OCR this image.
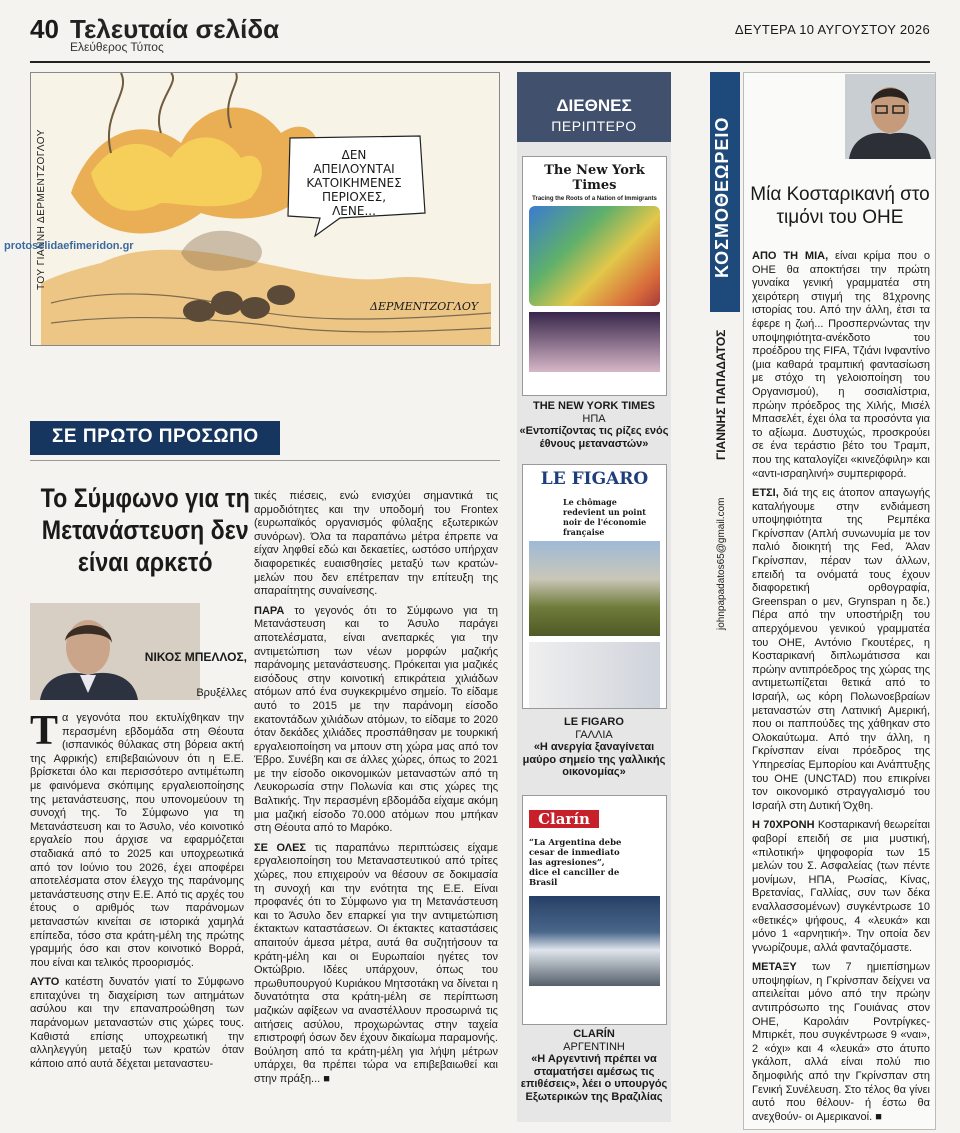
40 Τελευταία σελίδα
Ελεύθερος Τύπος
ΔΕΥΤΕΡΑ 10 ΑΥΓΟΥΣΤΟΥ 2026
ΤΟΥ ΓΙΑΝΝΗ ΔΕΡΜΕΝΤΖΟΓΛΟΥ
protoselidaefimeridon.gr
ΔΕΝ
ΑΠΕΙΛΟΥΝΤΑΙ
ΚΑΤΟΙΚΗΜΕΝΕΣ
ΠΕΡΙΟΧΕΣ,
ΛΕΝΕ...
ΔΕΡΜΕΝΤΖΟΓΛΟΥ
ΣΕ ΠΡΩΤΟ ΠΡΟΣΩΠΟ
Το Σύμφωνο για τη Μετανάστευση δεν είναι αρκετό
ΝΙΚΟΣ ΜΠΕΛΛΟΣ,
Βρυξέλλες

Τα γεγονότα που εκτυλίχθηκαν την περασμένη εβδομάδα στη Θέουτα (ισπανικός θύλακας στη βόρεια ακτή της Αφρικής) επιβεβαιώνουν ότι η Ε.Ε. βρίσκεται όλο και περισσότερο αντιμέτωπη με φαινόμενα σκόπιμης εργαλειοποίησης της μετανάστευσης, που υπονομεύουν τη συνοχή της. Το Σύμφωνο για τη Μετανάστευση και το Άσυλο, νέο κοινοτικό εργαλείο που άρχισε να εφαρμόζεται σταδιακά από το 2025 και υποχρεωτικά από τον Ιούνιο του 2026, έχει αποφέρει αποτελέσματα στον έλεγχο της παράνομης μετανάστευσης στην Ε.Ε. Από τις αρχές του έτους ο αριθμός των παράνομων μεταναστών κινείται σε ιστορικά χαμηλά επίπεδα, τόσο στα κράτη-μέλη της πρώτης γραμμής όσο και στον κοινοτικό Βορρά, που είναι και τελικός προορισμός.

ΑΥΤΟ κατέστη δυνατόν γιατί το Σύμφωνο επιταχύνει τη διαχείριση των αιτημάτων ασύλου και την επαναπροώθηση των παράνομων μεταναστών στις χώρες τους. Καθιστά επίσης υποχρεωτική την αλληλεγγύη μεταξύ των κρατών όταν κάποιο από αυτά δέχεται μεταναστευ-

τικές πιέσεις, ενώ ενισχύει σημαντικά τις αρμοδιότητες και την υποδομή του Frontex (ευρωπαϊκός οργανισμός φύλαξης εξωτερικών συνόρων). Όλα τα παραπάνω μέτρα έπρεπε να είχαν ληφθεί εδώ και δεκαετίες, ωστόσο υπήρχαν διαφορετικές ευαισθησίες μεταξύ των κρατών-μελών που δεν επέτρεπαν την επίτευξη της απαραίτητης συναίνεσης.

ΠΑΡΑ το γεγονός ότι το Σύμφωνο για τη Μετανάστευση και το Άσυλο παράγει αποτελέσματα, είναι ανεπαρκές για την αντιμετώπιση των νέων μορφών μαζικής παράνομης μετανάστευσης. Πρόκειται για μαζικές εισόδους στην κοινοτική επικράτεια χιλιάδων ατόμων από ένα συγκεκριμένο σημείο. Το είδαμε αυτό το 2015 με την παράνομη είσοδο εκατοντάδων χιλιάδων ατόμων, το είδαμε το 2020 όταν δεκάδες χιλιάδες προσπάθησαν με τουρκική εργαλειοποίηση να μπουν στη χώρα μας από τον Έβρο. Συνέβη και σε άλλες χώρες, όπως το 2021 με την είσοδο οικονομικών μεταναστών από τη Λευκορωσία στην Πολωνία και στις χώρες της Βαλτικής. Την περασμένη εβδομάδα είχαμε ακόμη μια μαζική είσοδο 70.000 ατόμων που μπήκαν στη Θέουτα από το Μαρόκο.

ΣΕ ΟΛΕΣ τις παραπάνω περιπτώσεις είχαμε εργαλειοποίηση του Μεταναστευτικού από τρίτες χώρες, που επιχειρούν να θέσουν σε δοκιμασία τη συνοχή και την ενότητα της Ε.Ε. Είναι προφανές ότι το Σύμφωνο για τη Μετανάστευση και το Άσυλο δεν επαρκεί για την αντιμετώπιση έκτακτων καταστάσεων. Οι έκτακτες καταστάσεις απαιτούν άμεσα μέτρα, αυτά θα συζητήσουν τα κράτη-μέλη και οι Ευρωπαίοι ηγέτες τον Οκτώβριο. Ιδέες υπάρχουν, όπως του πρωθυπουργού Κυριάκου Μητσοτάκη να δίνεται η δυνατότητα στα κράτη-μέλη σε περίπτωση μαζικών αφίξεων να αναστέλλουν προσωρινά τις αιτήσεις ασύλου, προχωρώντας στην ταχεία επιστροφή όσων δεν έχουν δικαίωμα παραμονής. Βούληση από τα κράτη-μέλη για λήψη μέτρων υπάρχει, θα πρέπει τώρα να επιβεβαιωθεί και στην πράξη... ■

ΔΙΕΘΝΕΣ
ΠΕΡΙΠΤΕΡΟ
The New York Times
Tracing the Roots of a Nation of Immigrants
THE NEW YORK TIMES
ΗΠΑ
«Εντοπίζοντας τις ρίζες ενός έθνους μεταναστών»
LE FIGARO
Le chômage redevient un point noir de l'économie française
LE FIGARO
ΓΑΛΛΙΑ
«Η ανεργία ξαναγίνεται μαύρο σημείο της γαλλικής οικονομίας»
Clarín
“La Argentina debe cesar de inmediato las agresiones”, dice el canciller de Brasil
CLARÍN
ΑΡΓΕΝΤΙΝΗ
«Η Αργεντινή πρέπει να σταματήσει αμέσως τις επιθέσεις», λέει ο υπουργός Εξωτερικών της Βραζιλίας
ΚΟΣΜΟΘΕΩΡΕΙΟ
ΓΙΑΝΝΗΣ ΠΑΠΑΔΑΤΟΣ
johnpapadatos65@gmail.com
Μία Κοσταρικανή στο τιμόνι του ΟΗΕ

ΑΠΟ ΤΗ ΜΙΑ, είναι κρίμα που ο ΟΗΕ θα αποκτήσει την πρώτη γυναίκα γενική γραμματέα στη χειρότερη στιγμή της 81χρονης ιστορίας του. Από την άλλη, έτσι τα έφερε η ζωή... Προσπερνώντας την υποψηφιότητα-ανέκδοτο του προέδρου της FIFA, Τζιάνι Ινφαντίνο (μια καθαρά τραμπική φαντασίωση με στόχο τη γελοιοποίηση του Οργανισμού), η σοσιαλίστρια, πρώην πρόεδρος της Χιλής, Μισέλ Μπασελέτ, έχει όλα τα προσόντα για το αξίωμα. Δυστυχώς, προσκρούει σε ένα τεράστιο βέτο του Τραμπ, που της καταλογίζει «κινεζόφιλη» και «αντι-ισραηλινή» συμπεριφορά.

ΕΤΣΙ, διά της εις άτοπον απαγωγής καταλήγουμε στην ενδιάμεση υποψηφιότητα της Ρεμπέκα Γκρίνσπαν (Απλή συνωνυμία με τον παλιό διοικητή της Fed, Άλαν Γκρίνσπαν, πέραν των άλλων, επειδή τα ονόματά τους έχουν διαφορετική ορθογραφία, Greenspan ο μεν, Grynspan η δε.) Πέρα από την υποστήριξη του απερχόμενου γενικού γραμματέα του ΟΗΕ, Αντόνιο Γκουτέρες, η Κοσταρικανή διπλωμάτισσα και πρώην αντιπρόεδρος της χώρας της αντιμετωπίζεται θετικά από το Ισραήλ, ως κόρη Πολωνοεβραίων μεταναστών στη Λατινική Αμερική, που οι παππούδες της χάθηκαν στο Ολοκαύτωμα. Από την άλλη, η Γκρίνσπαν είναι πρόεδρος της Υπηρεσίας Εμπορίου και Ανάπτυξης του ΟΗΕ (UNCTAD) που επικρίνει τον οικονομικό στραγγαλισμό του Ισραήλ στη Δυτική Όχθη.

Η 70ΧΡΟΝΗ Κοσταρικανή θεωρείται φαβορί επειδή σε μια μυστική, «πιλοτική» ψηφοφορία των 15 μελών του Σ. Ασφαλείας (των πέντε μονίμων, ΗΠΑ, Ρωσίας, Κίνας, Βρετανίας, Γαλλίας, συν των δέκα εναλλασσομένων) συγκέντρωσε 10 «θετικές» ψήφους, 4 «λευκά» και μόνο 1 «αρνητική». Την οποία δεν γνωρίζουμε, αλλά φανταζόμαστε.

ΜΕΤΑΞΥ των 7 ημιεπίσημων υποψηφίων, η Γκρίνσπαν δείχνει να απειλείται μόνο από την πρώην αντιπρόσωπο της Γουιάνας στον ΟΗΕ, Καρολάιν Ροντρίγκες-Μπιρκέτ, που συγκέντρωσε 9 «ναι», 2 «όχι» και 4 «λευκά» στο άτυπο γκάλοπ, αλλά είναι πολύ πιο δημοφιλής από την Γκρίνσπαν στη Γενική Συνέλευση. Στο τέλος θα γίνει αυτό που θέλουν- ή έστω θα ανεχθούν- οι Αμερικανοί. ■
